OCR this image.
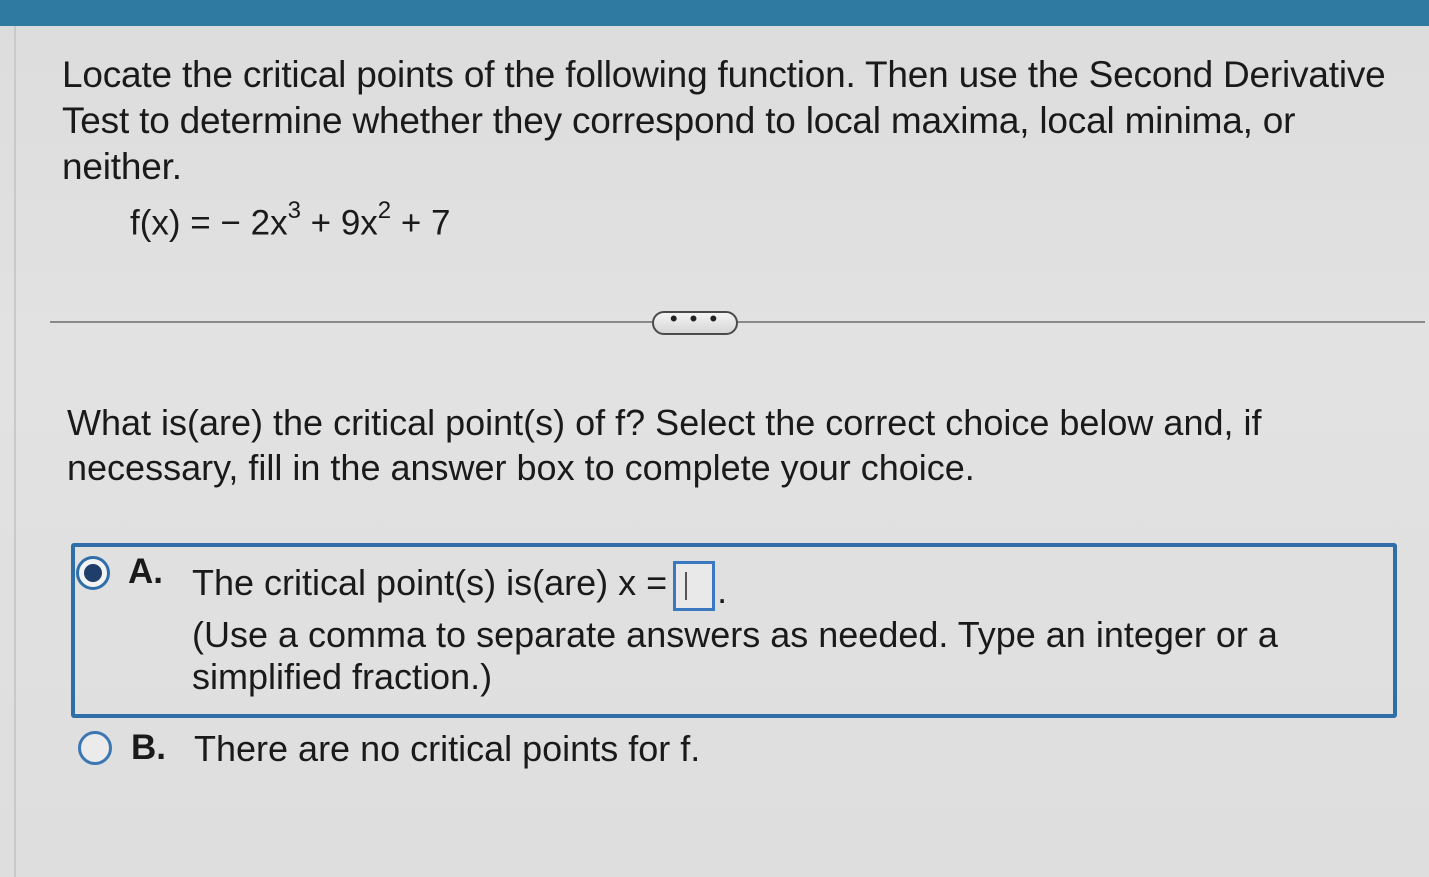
Locate the critical points of the following function. Then use the Second Derivative Test to determine whether they correspond to local maxima, local minima, or neither.

f(x) = − $2x^3 + 9x^2 + 7$
• • •

What is(are) the critical point(s) of f? Select the correct choice below and, if necessary, fill in the answer box to complete your choice.

A. The critical point(s) is(are) x = .

(Use a comma to separate answers as needed. Type an integer or a simplified fraction.)

B. There are no critical points for f.
